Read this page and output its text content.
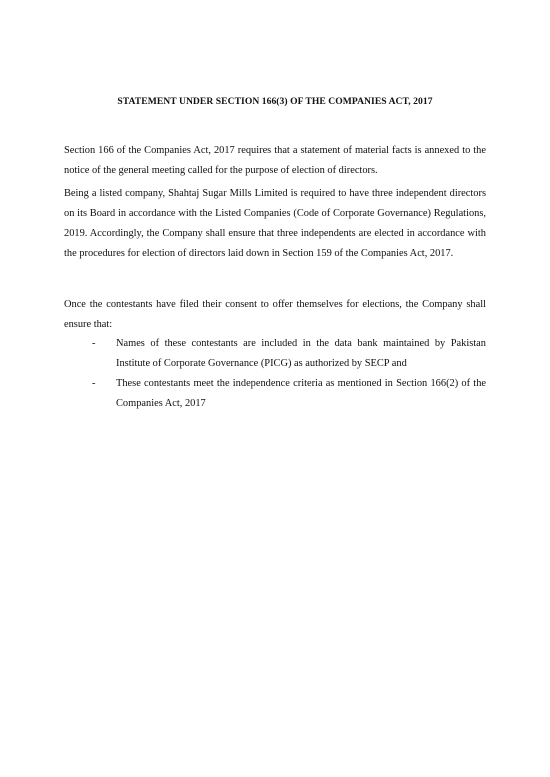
STATEMENT UNDER SECTION 166(3) OF THE COMPANIES ACT, 2017

Section 166 of the Companies Act, 2017 requires that a statement of material facts is annexed to the notice of the general meeting called for the purpose of election of directors.

Being a listed company, Shahtaj Sugar Mills Limited is required to have three independent directors on its Board in accordance with the Listed Companies (Code of Corporate Governance) Regulations, 2019. Accordingly, the Company shall ensure that three independents are elected in accordance with the procedures for election of directors laid down in Section 159 of the Companies Act, 2017.

Once the contestants have filed their consent to offer themselves for elections, the Company shall ensure that:

- Names of these contestants are included in the data bank maintained by Pakistan Institute of Corporate Governance (PICG) as authorized by SECP and
- These contestants meet the independence criteria as mentioned in Section 166(2) of the Companies Act, 2017
